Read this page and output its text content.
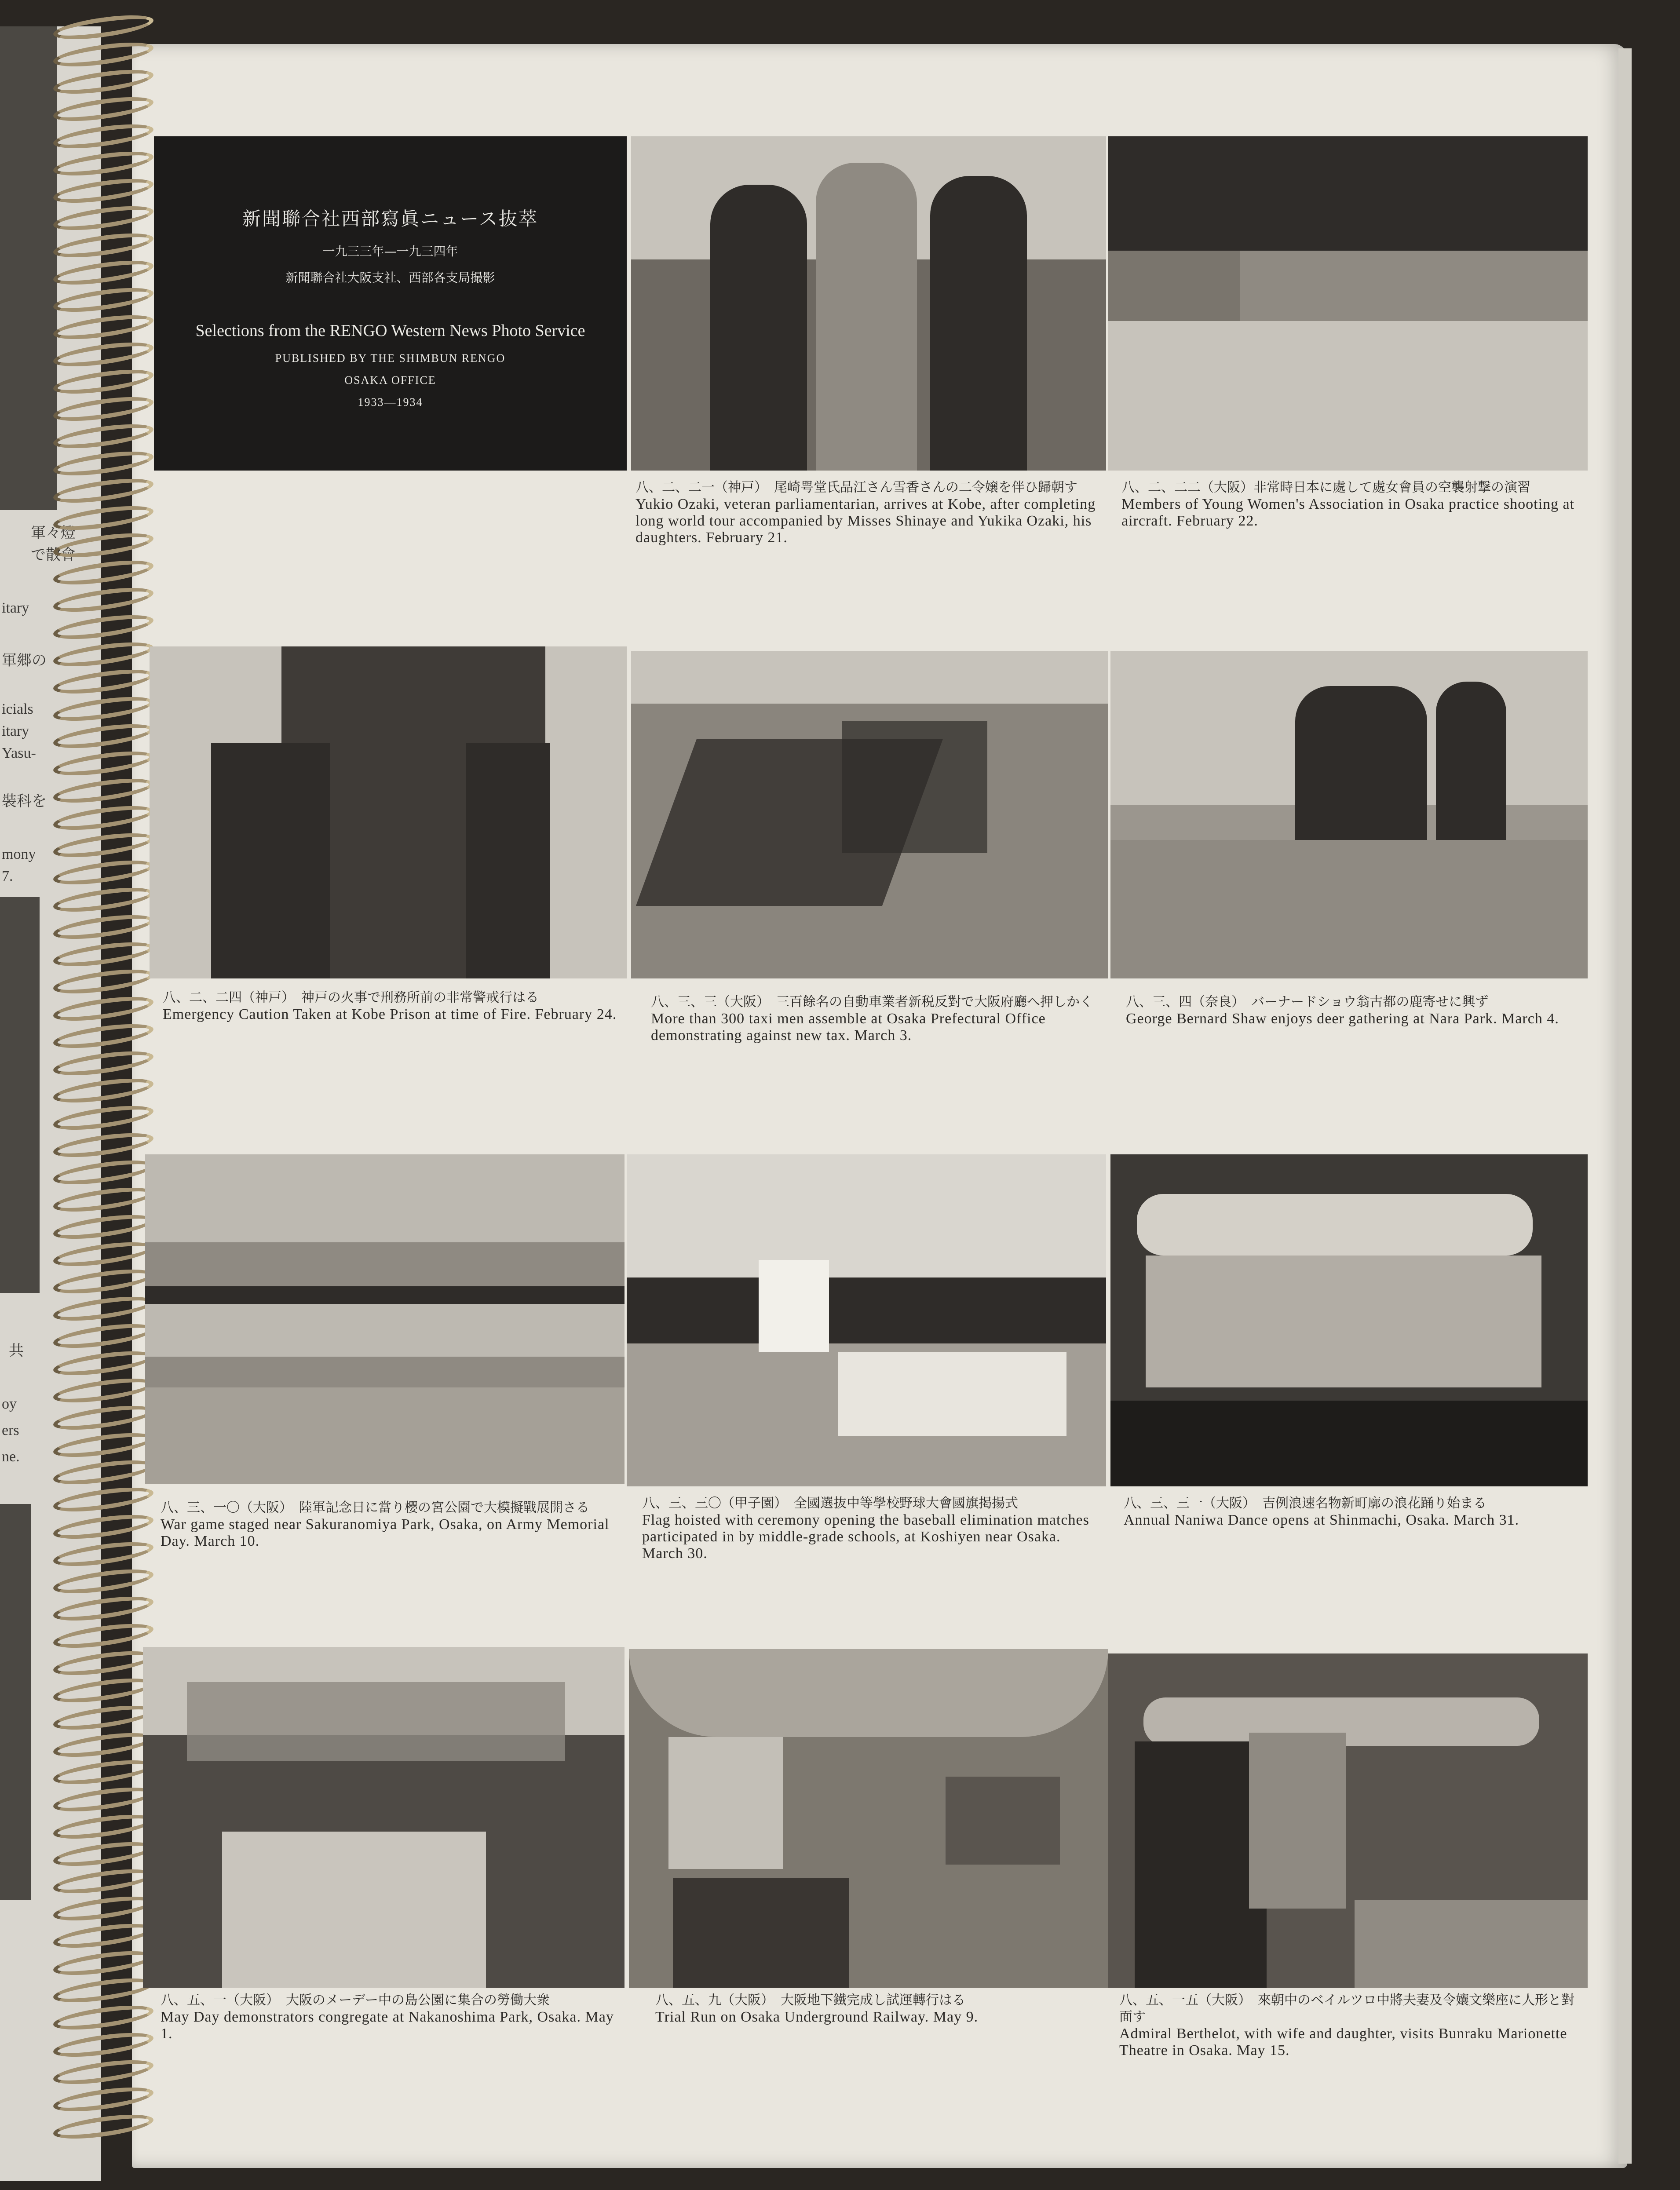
軍々燈
で散會
itary
軍郷の
icials
itary
Yasu-
裝科を
mony
7.
共
oy
ers
ne.
新聞聯合社西部寫眞ニュース抜萃
一九三三年—一九三四年
新聞聯合社大阪支社、西部各支局撮影
Selections from the RENGO Western News Photo Service
PUBLISHED BY THE SHIMBUN RENGO
OSAKA OFFICE
1933—1934
八、二、二一（神戸）　尾崎咢堂氏品江さん雪香さんの二令嬢を伴ひ歸朝す
Yukio Ozaki, veteran parliamentarian, arrives at Kobe, after completing long world tour accompanied by Misses Shinaye and Yukika Ozaki, his daughters. February 21.
八、二、二二（大阪）非常時日本に處して處女會員の空襲射撃の演習
Members of Young Women's Association in Osaka practice shooting at aircraft. February 22.
八、二、二四（神戸）　神戸の火事で刑務所前の非常警戒行はる
Emergency Caution Taken at Kobe Prison at time of Fire. February 24.
八、三、三（大阪）　三百餘名の自動車業者新税反對で大阪府廳へ押しかく
More than 300 taxi men assemble at Osaka Prefectural Office demonstrating against new tax. March 3.
八、三、四（奈良）　バーナードショウ翁古都の鹿寄せに興ず
George Bernard Shaw enjoys deer gathering at Nara Park. March 4.
八、三、一〇（大阪）　陸軍記念日に當り櫻の宮公園で大模擬戰展開さる
War game staged near Sakuranomiya Park, Osaka, on Army Memorial Day. March 10.
八、三、三〇（甲子園）　全國選抜中等學校野球大會國旗掲揚式
Flag hoisted with ceremony opening the baseball elimination matches participated in by middle-grade schools, at Koshiyen near Osaka. March 30.
八、三、三一（大阪）　吉例浪速名物新町廓の浪花踊り始まる
Annual Naniwa Dance opens at Shinmachi, Osaka. March 31.
八、五、一（大阪）　大阪のメーデー中の島公園に集合の勞働大衆
May Day demonstrators congregate at Nakanoshima Park, Osaka. May 1.
八、五、九（大阪）　大阪地下鐵完成し試運轉行はる
Trial Run on Osaka Underground Railway. May 9.
八、五、一五（大阪）　來朝中のベイルツロ中將夫妻及令孃文樂座に人形と對面す
Admiral Berthelot, with wife and daughter, visits Bunraku Marionette Theatre in Osaka. May 15.
